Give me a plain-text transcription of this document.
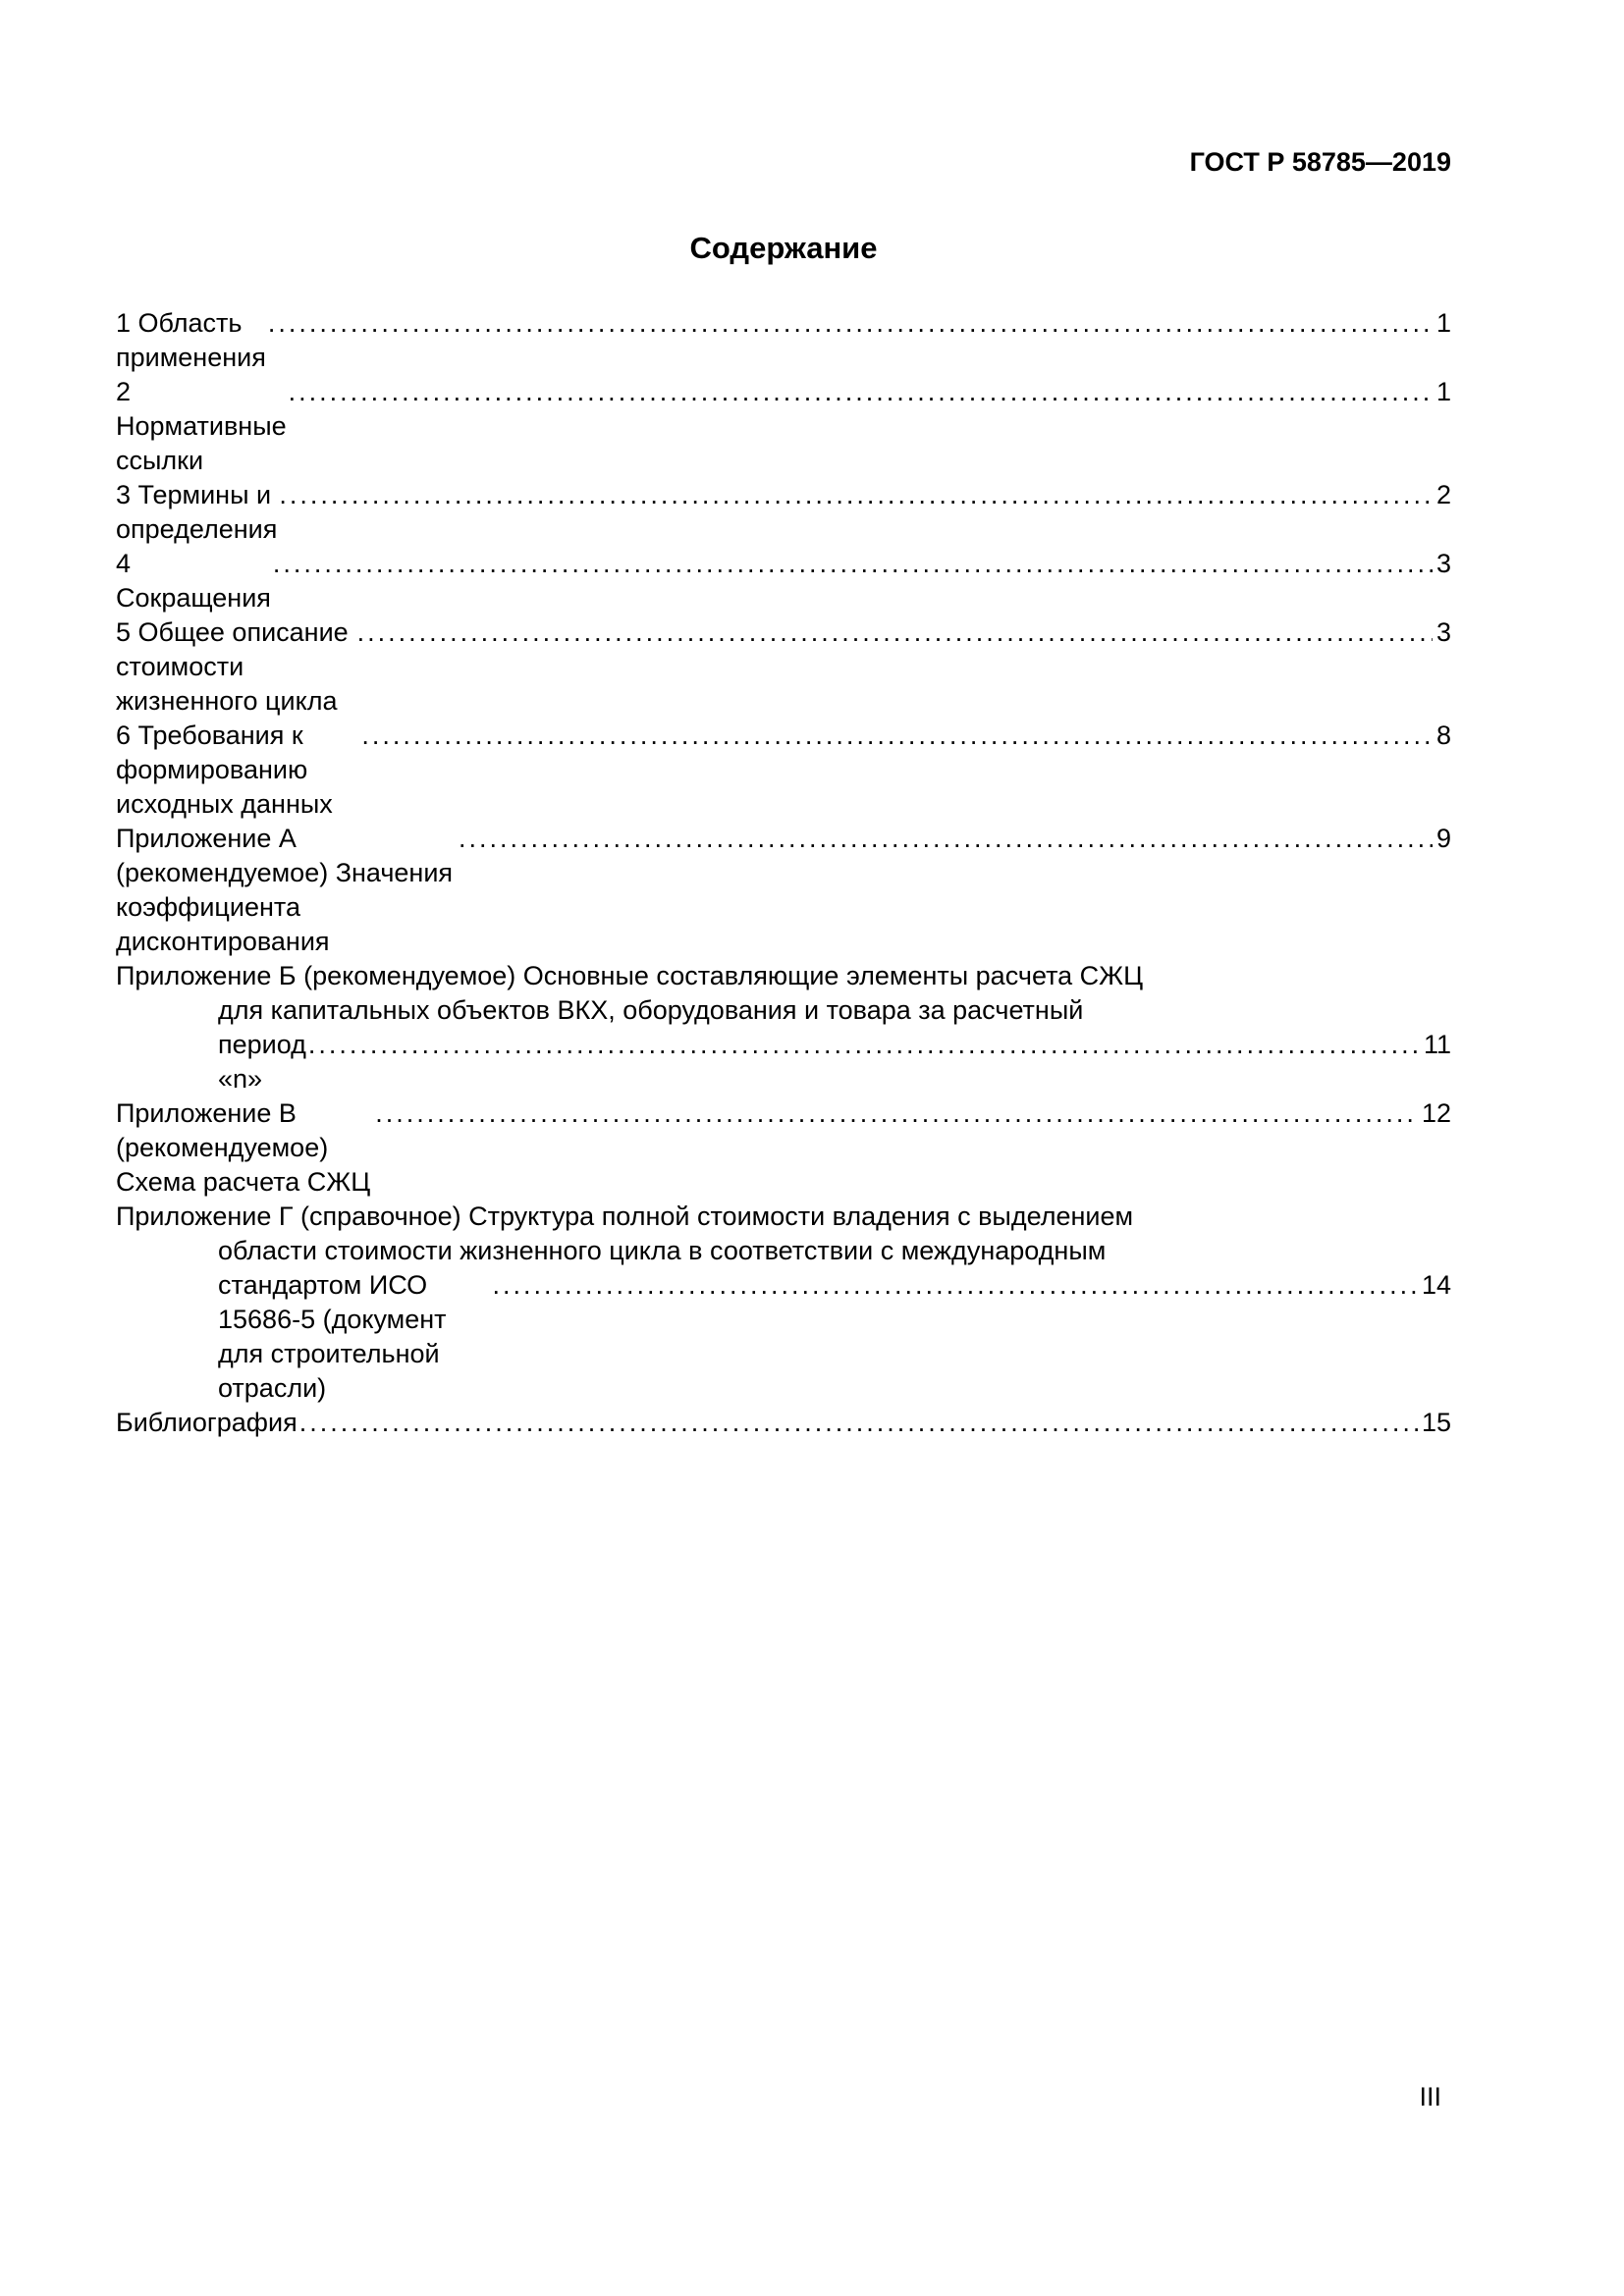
ГОСТ Р 58785—2019
Содержание
1 Область применения
.....
1
2 Нормативные ссылки
.....
1
3 Термины и определения
.....
2
4 Сокращения
.....
3
5 Общее описание стоимости жизненного цикла
.....
3
6 Требования к формированию исходных данных
.....
8
Приложение А (рекомендуемое) Значения коэффициента дисконтирования
.....
9
Приложение Б (рекомендуемое) Основные составляющие элементы расчета СЖЦ
для капитальных объектов ВКХ, оборудования и товара за расчетный
период «n»
.....
11
Приложение В (рекомендуемое) Схема расчета СЖЦ
.....
12
Приложение Г (справочное) Структура полной стоимости владения с выделением
области стоимости жизненного цикла в соответствии с международным
стандартом ИСО 15686-5 (документ для строительной отрасли)
.....
14
Библиография .....	15
III
